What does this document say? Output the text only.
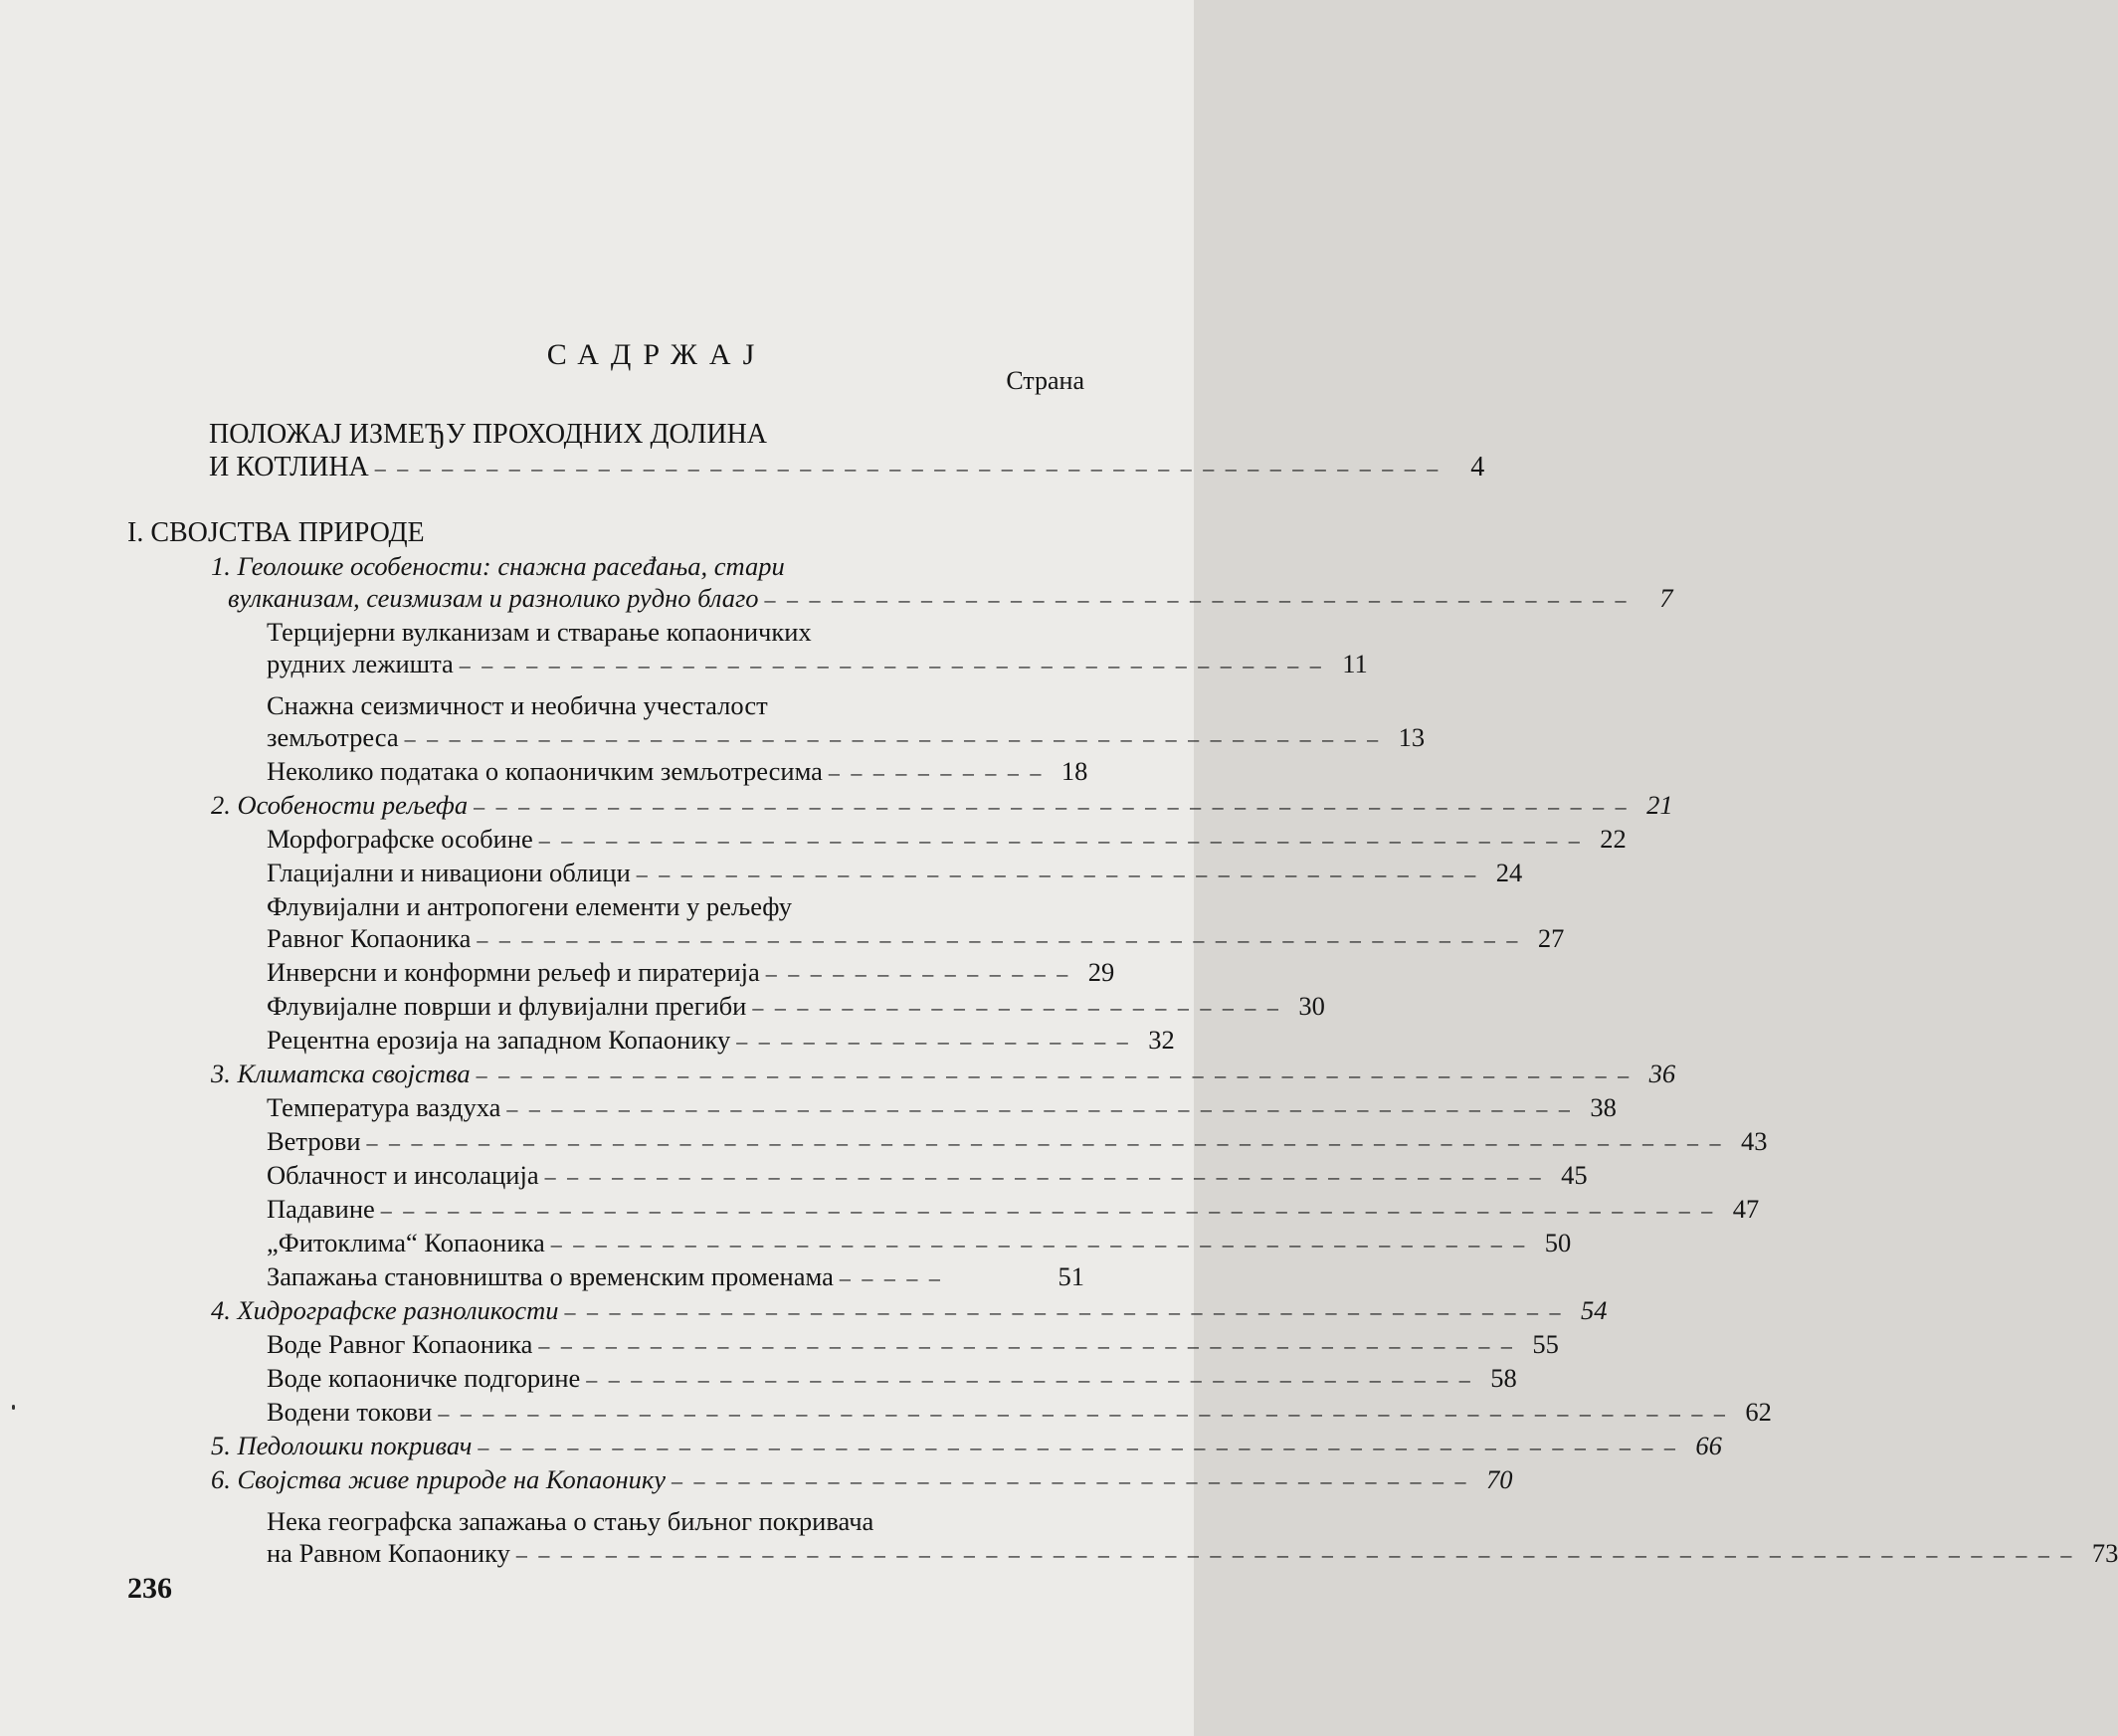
САДРЖАЈ
Страна
ПОЛОЖАЈ ИЗМЕЂУ ПРОХОДНИХ ДОЛИНА
И КОТЛИНА – – – – – – – – – – – – – – – – – – – – – – – – – – – – – – – – – – – – – – – – – – – – – – – –	4
I. СВОЈСТВА ПРИРОДЕ
1. Геолошке особености: снажна расеđања, стари
вулканизам, сеизмизам и разнолико рудно благо – – – – – – – – – – – – – – – – – – – – – – – – – – – – – – – – – – – – – – –	7
Терцијерни вулканизам и стварање копаоничких
рудних лежишта – – – – – – – – – – – – – – – – – – – – – – – – – – – – – – – – – – – – – – – 11
Снажна сеизмичност и необична учесталост
земљотреса – – – – – – – – – – – – – – – – – – – – – – – – – – – – – – – – – – – – – – – – – – – – 13
Неколико података о копаоничким земљотресима – – – – – – – – – – 18
2. Особености рељефа – – – – – – – – – – – – – – – – – – – – – – – – – – – – – – – – – – – – – – – – – – – – – – – – – – – – 21
Морфографске особине – – – – – – – – – – – – – – – – – – – – – – – – – – – – – – – – – – – – – – – – – – – – – – – 22
Глацијални и нивациони облици – – – – – – – – – – – – – – – – – – – – – – – – – – – – – – – – – – – – – – 24
Флувијални и антропогени елементи у рељефу
Равног Копаоника – – – – – – – – – – – – – – – – – – – – – – – – – – – – – – – – – – – – – – – – – – – – – – – 27
Инверсни и конформни рељеф и пиратерија – – – – – – – – – – – – – – 29
Флувијалне површи и флувијални прегиби – – – – – – – – – – – – – – – – – – – – – – – – 30
Рецентна ерозија на западном Копаонику – – – – – – – – – – – – – – – – – – 32
3. Климатска својства – – – – – – – – – – – – – – – – – – – – – – – – – – – – – – – – – – – – – – – – – – – – – – – – – – – – 36
Температура ваздуха – – – – – – – – – – – – – – – – – – – – – – – – – – – – – – – – – – – – – – – – – – – – – – – – 38
Ветрови – – – – – – – – – – – – – – – – – – – – – – – – – – – – – – – – – – – – – – – – – – – – – – – – – – – – – – – – – – – – – 43
Облачност и инсолација – – – – – – – – – – – – – – – – – – – – – – – – – – – – – – – – – – – – – – – – – – – – – 45
Падавине – – – – – – – – – – – – – – – – – – – – – – – – – – – – – – – – – – – – – – – – – – – – – – – – – – – – – – – – – – – – 47
„Фитоклима“ Копаоника – – – – – – – – – – – – – – – – – – – – – – – – – – – – – – – – – – – – – – – – – – – – 50
Запажања становништва о временским променама – – – – –	51
4. Хидрографске разноликости – – – – – – – – – – – – – – – – – – – – – – – – – – – – – – – – – – – – – – – – – – – – – 54
Воде Равног Копаоника – – – – – – – – – – – – – – – – – – – – – – – – – – – – – – – – – – – – – – – – – – – – 55
Воде копаоничке подгорине – – – – – – – – – – – – – – – – – – – – – – – – – – – – – – – – – – – – – – – – 58
Водени токови – – – – – – – – – – – – – – – – – – – – – – – – – – – – – – – – – – – – – – – – – – – – – – – – – – – – – – – – – – 62
5. Педолошки покривач – – – – – – – – – – – – – – – – – – – – – – – – – – – – – – – – – – – – – – – – – – – – – – – – – – – – – – 66
6. Својства живе природе на Копаонику – – – – – – – – – – – – – – – – – – – – – – – – – – – – – – – – – – – – 70
Нека географска запажања о стању биљног покривача
на Равном Копаонику – – – – – – – – – – – – – – – – – – – – – – – – – – – – – – – – – – – – – – – – – – – – – – – – – – – – – – – – – – – – – – – – – – – – – – 73
236
